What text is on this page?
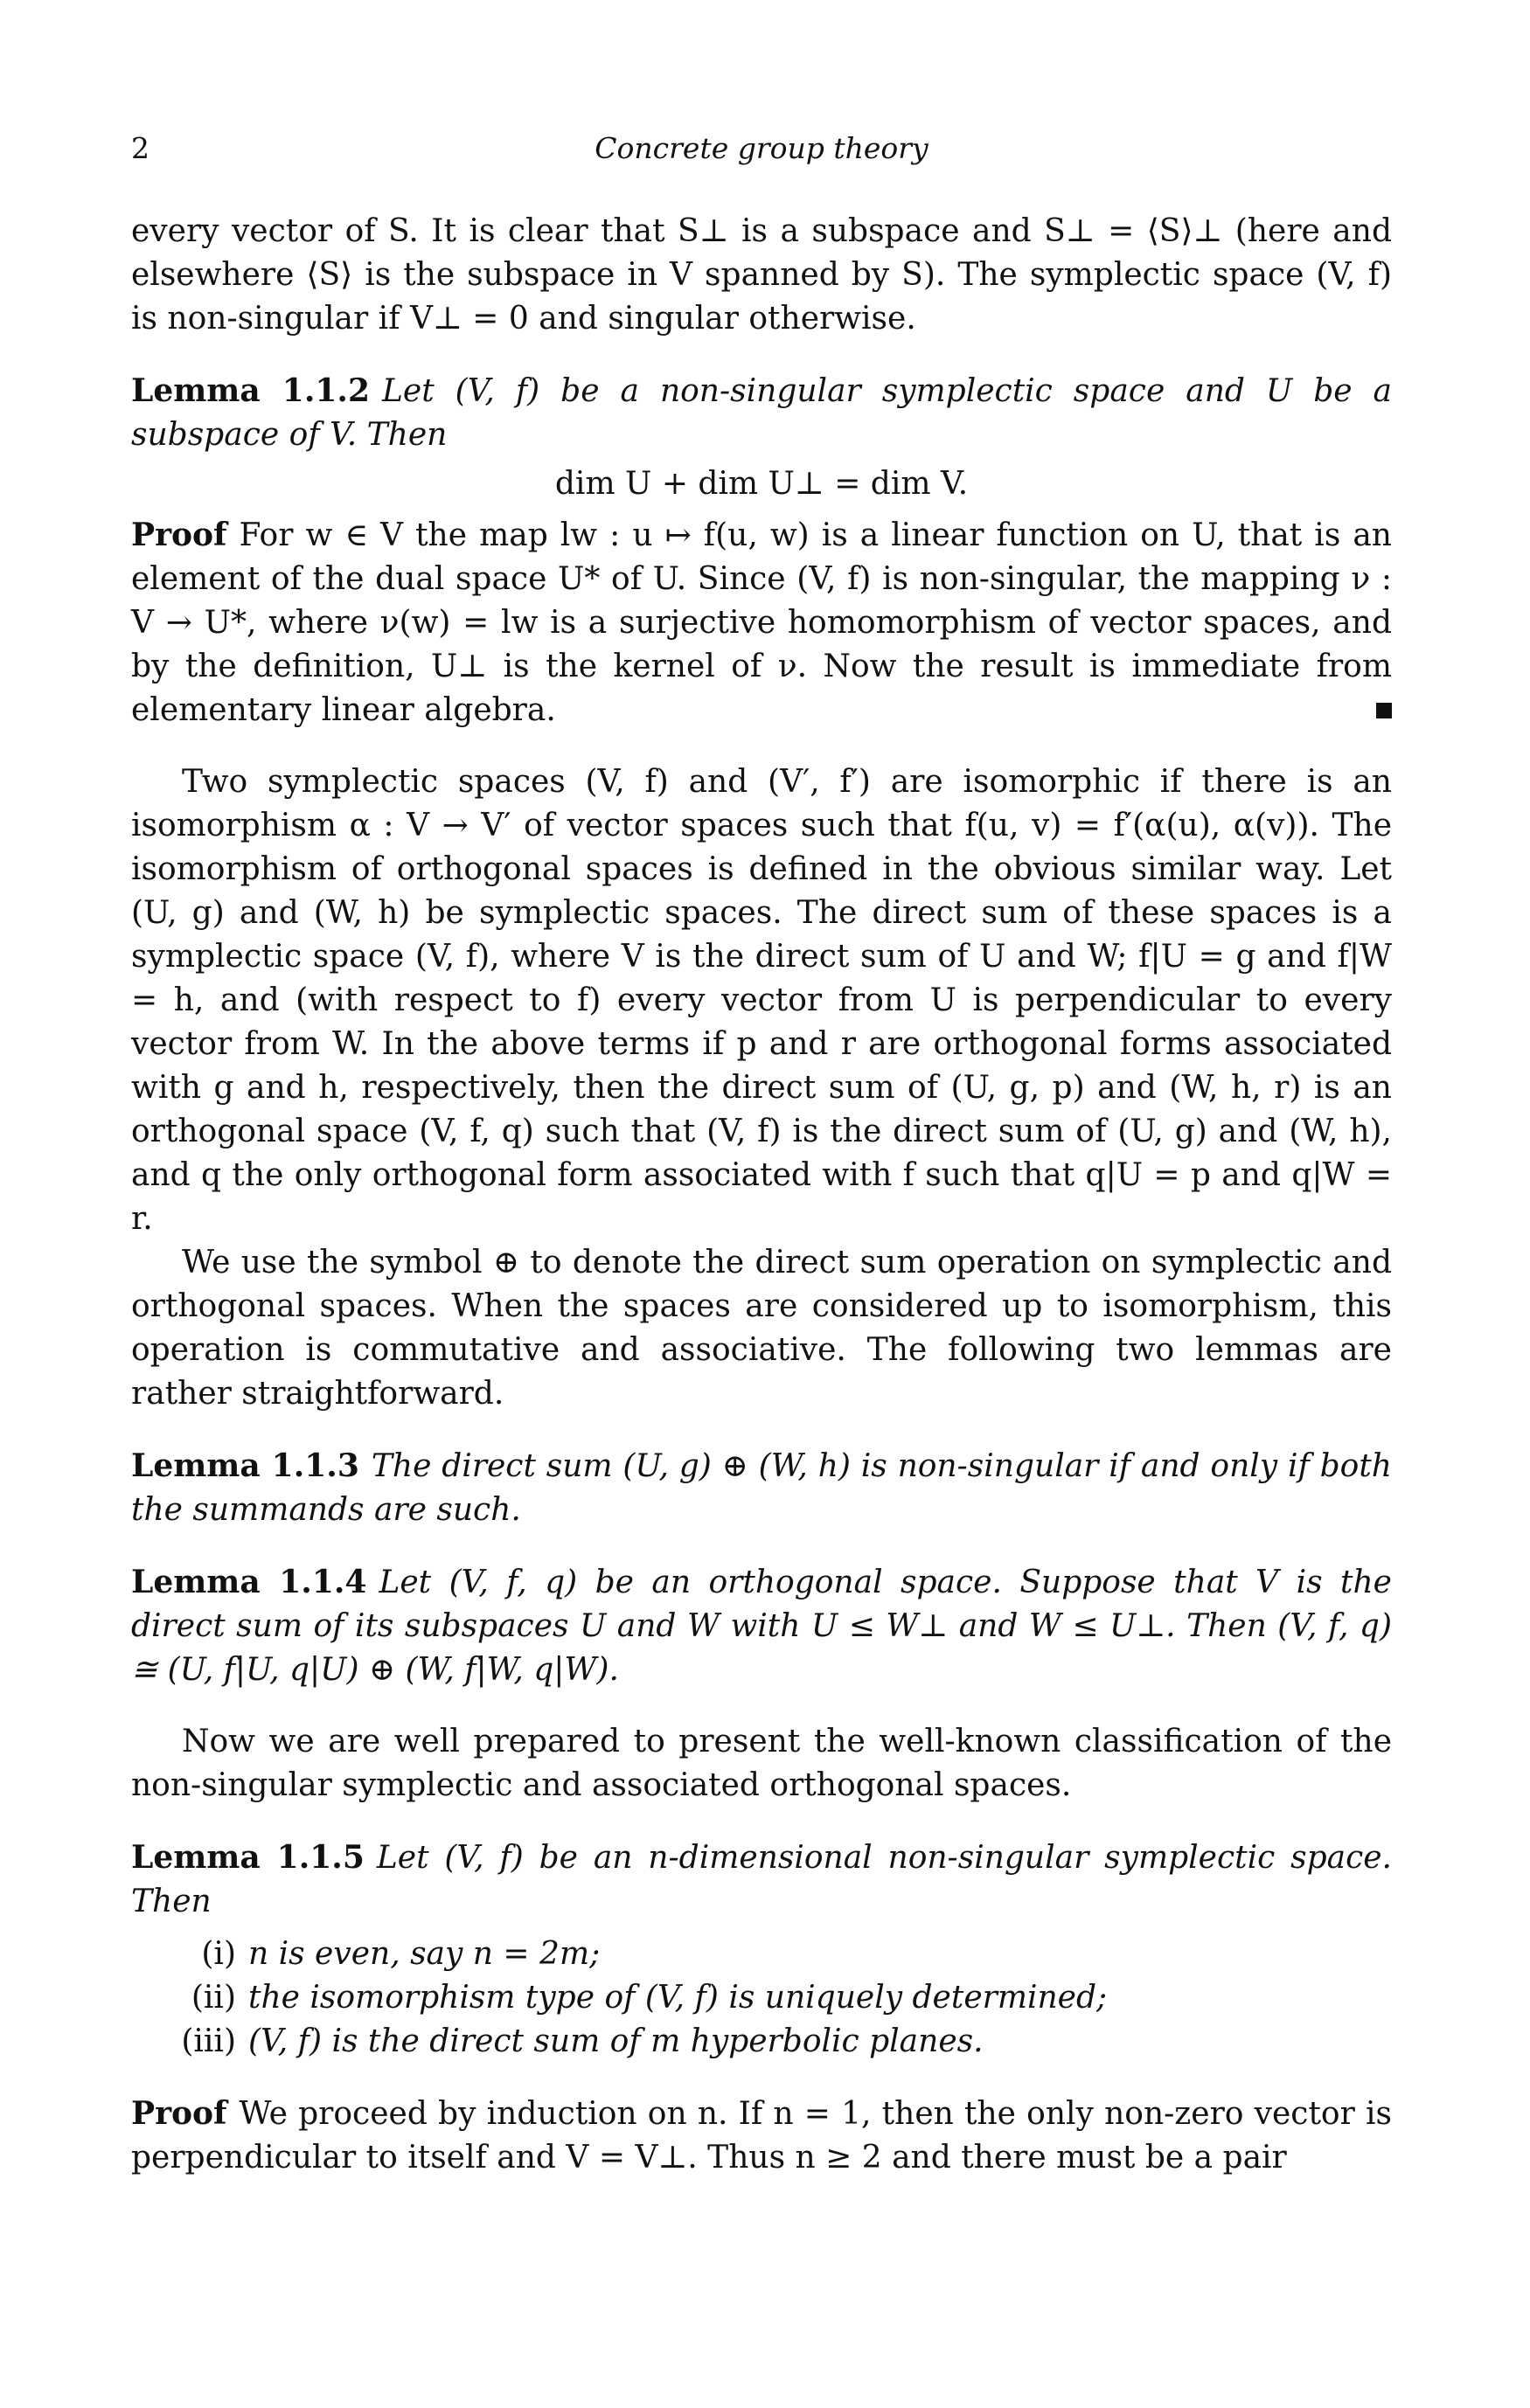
2	Concrete group theory

every vector of S. It is clear that S⊥ is a subspace and S⊥ = ⟨S⟩⊥ (here and elsewhere ⟨S⟩ is the subspace in V spanned by S). The symplectic space (V, f) is non-singular if V⊥ = 0 and singular otherwise.

Lemma 1.1.2 Let (V, f) be a non-singular symplectic space and U be a subspace of V. Then

dim U + dim U⊥ = dim V.

Proof For w ∈ V the map lw : u ↦ f(u, w) is a linear function on U, that is an element of the dual space U* of U. Since (V, f) is non-singular, the mapping ν : V → U*, where ν(w) = lw is a surjective homomorphism of vector spaces, and by the definition, U⊥ is the kernel of ν. Now the result is immediate from elementary linear algebra.

Two symplectic spaces (V, f) and (V′, f′) are isomorphic if there is an isomorphism α : V → V′ of vector spaces such that f(u, v) = f′(α(u), α(v)). The isomorphism of orthogonal spaces is defined in the obvious similar way. Let (U, g) and (W, h) be symplectic spaces. The direct sum of these spaces is a symplectic space (V, f), where V is the direct sum of U and W; f|U = g and f|W = h, and (with respect to f) every vector from U is perpendicular to every vector from W. In the above terms if p and r are orthogonal forms associated with g and h, respectively, then the direct sum of (U, g, p) and (W, h, r) is an orthogonal space (V, f, q) such that (V, f) is the direct sum of (U, g) and (W, h), and q the only orthogonal form associated with f such that q|U = p and q|W = r.

We use the symbol ⊕ to denote the direct sum operation on symplectic and orthogonal spaces. When the spaces are considered up to isomorphism, this operation is commutative and associative. The following two lemmas are rather straightforward.

Lemma 1.1.3 The direct sum (U, g) ⊕ (W, h) is non-singular if and only if both the summands are such.

Lemma 1.1.4 Let (V, f, q) be an orthogonal space. Suppose that V is the direct sum of its subspaces U and W with U ≤ W⊥ and W ≤ U⊥. Then (V, f, q) ≅ (U, f|U, q|U) ⊕ (W, f|W, q|W).

Now we are well prepared to present the well-known classification of the non-singular symplectic and associated orthogonal spaces.

Lemma 1.1.5 Let (V, f) be an n-dimensional non-singular symplectic space. Then

(i) n is even, say n = 2m;
(ii) the isomorphism type of (V, f) is uniquely determined;
(iii) (V, f) is the direct sum of m hyperbolic planes.

Proof We proceed by induction on n. If n = 1, then the only non-zero vector is perpendicular to itself and V = V⊥. Thus n ≥ 2 and there must be a pair
